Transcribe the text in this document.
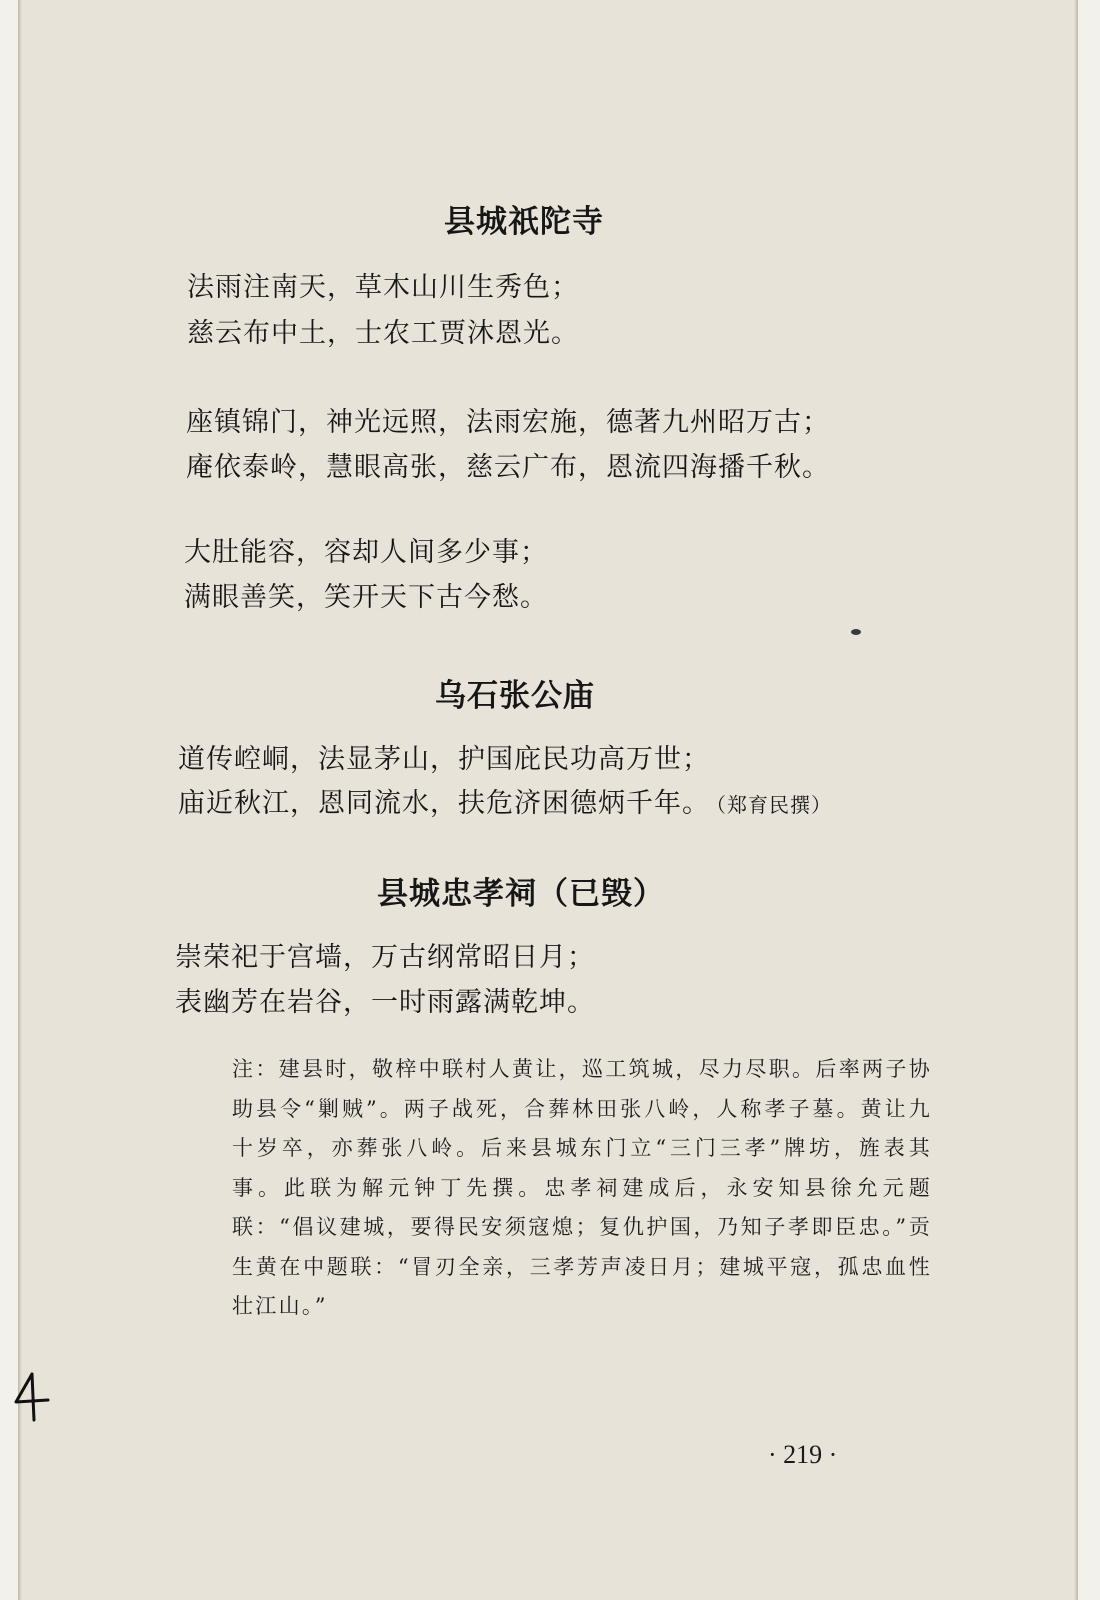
县城祇陀寺
法雨注南天，草木山川生秀色；
慈云布中土，士农工贾沐恩光。
座镇锦门，神光远照，法雨宏施，德著九州昭万古；
庵依泰岭，慧眼高张，慈云广布，恩流四海播千秋。
大肚能容，容却人间多少事；
满眼善笑，笑开天下古今愁。
乌石张公庙
道传崆峒，法显茅山，护国庇民功高万世；
庙近秋江，恩同流水，扶危济困德炳千年。 （郑育民撰）
县城忠孝祠（已毁）
崇荣祀于宫墙，万古纲常昭日月；
表幽芳在岩谷，一时雨露满乾坤。
注：建县时，敬梓中联村人黄让，巡工筑城，尽力尽职。后率两子协助县令“剿贼”。两子战死，合葬林田张八岭，人称孝子墓。黄让九十岁卒，亦葬张八岭。后来县城东门立“三门三孝”牌坊，旌表其事。此联为解元钟丁先撰。忠孝祠建成后，永安知县徐允元题联：“倡议建城，要得民安须寇熄；复仇护国，乃知子孝即臣忠。”贡生黄在中题联：“冒刃全亲，三孝芳声凌日月；建城平寇，孤忠血性壮江山。”
· 219 ·
